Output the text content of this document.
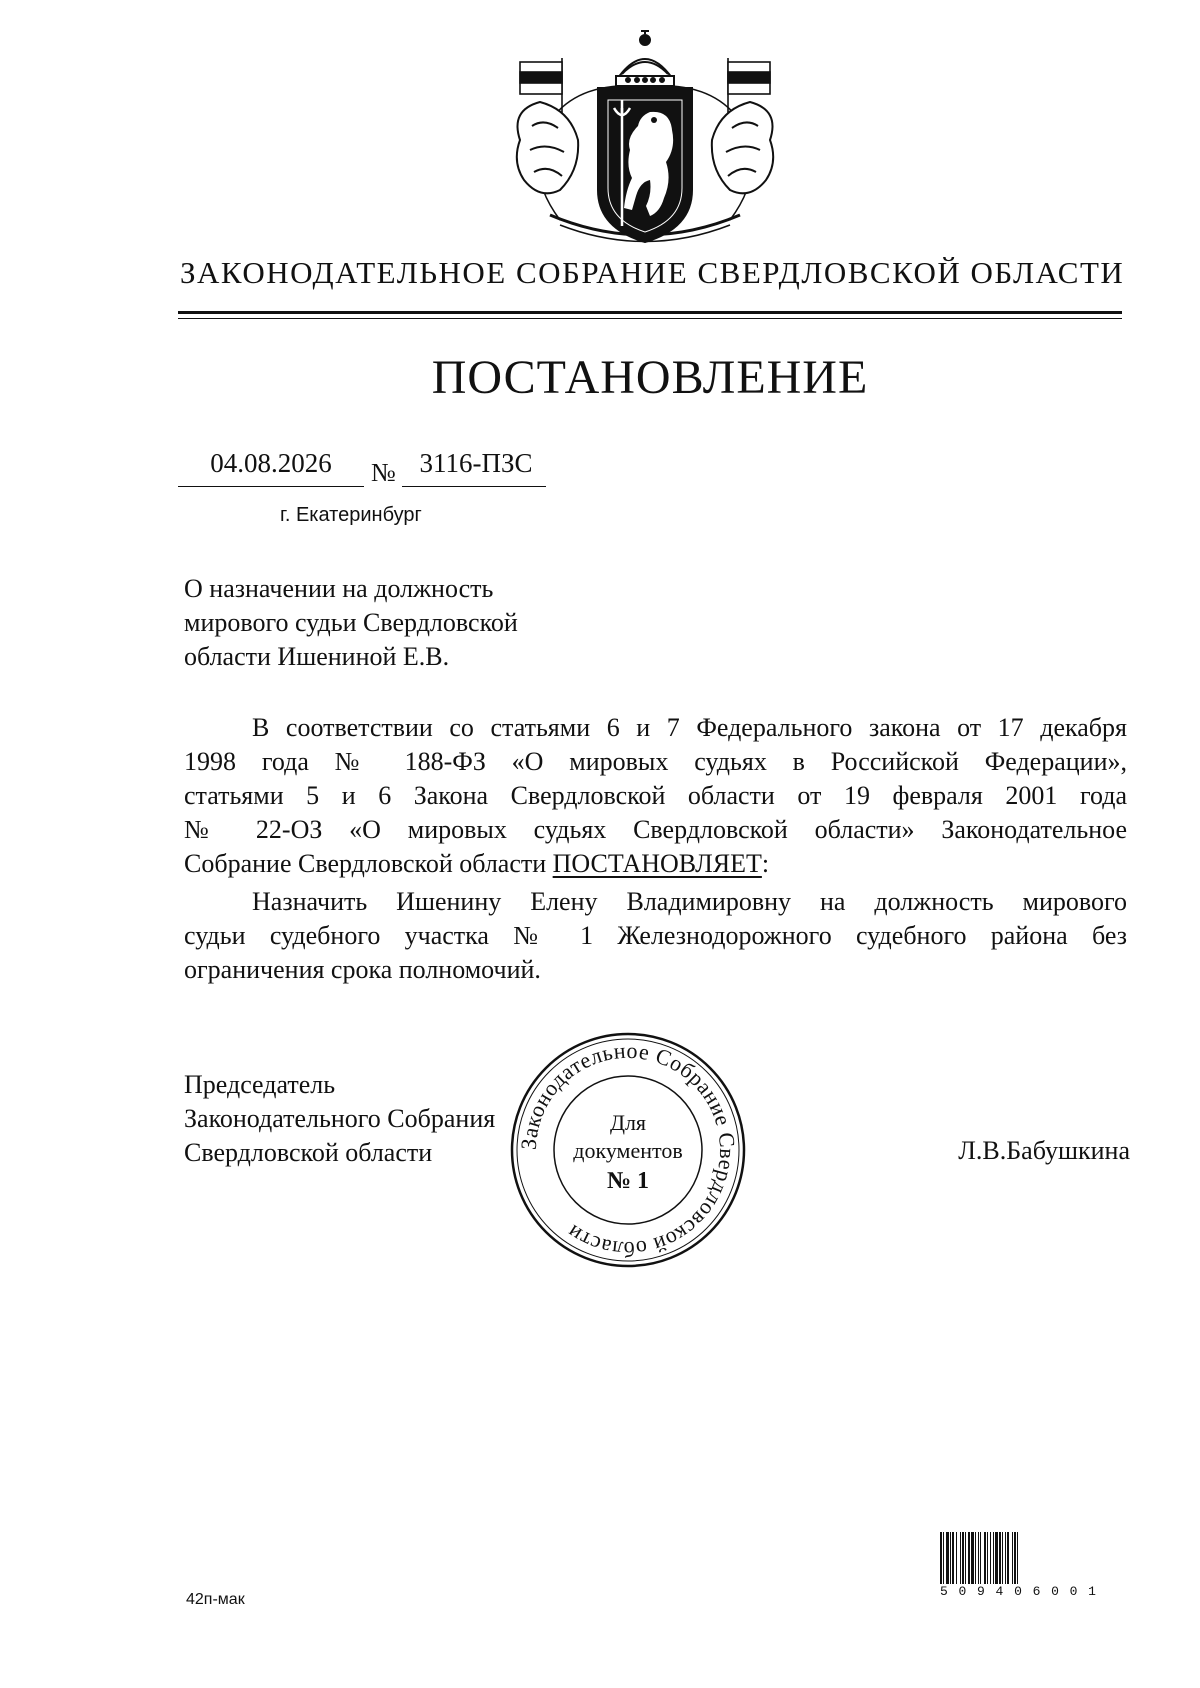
ЗАКОНОДАТЕЛЬНОЕ СОБРАНИЕ СВЕРДЛОВСКОЙ ОБЛАСТИ
ПОСТАНОВЛЕНИЕ
04.08.2026	№ 3116-ПЗС
г. Екатеринбург
О назначении на должность
мирового судьи Свердловской
области Ишениной Е.В.
В соответствии со статьями 6 и 7 Федерального закона от 17 декабря
1998 года № 188-ФЗ «О мировых судьях в Российской Федерации»,
статьями 5 и 6 Закона Свердловской области от 19 февраля 2001 года
№ 22-ОЗ «О мировых судьях Свердловской области» Законодательное
Собрание Свердловской области ПОСТАНОВЛЯЕТ:
Назначить Ишенину Елену Владимировну на должность мирового
судьи судебного участка № 1 Железнодорожного судебного района без
ограничения срока полномочий.
Председатель
Законодательного Собрания
Свердловской области	Законодательное Собрание Свердловской области
Для
документов
№ 1
Л.В.Бабушкина
42п-мак	5 0 9 4 0 6 0 0 1
